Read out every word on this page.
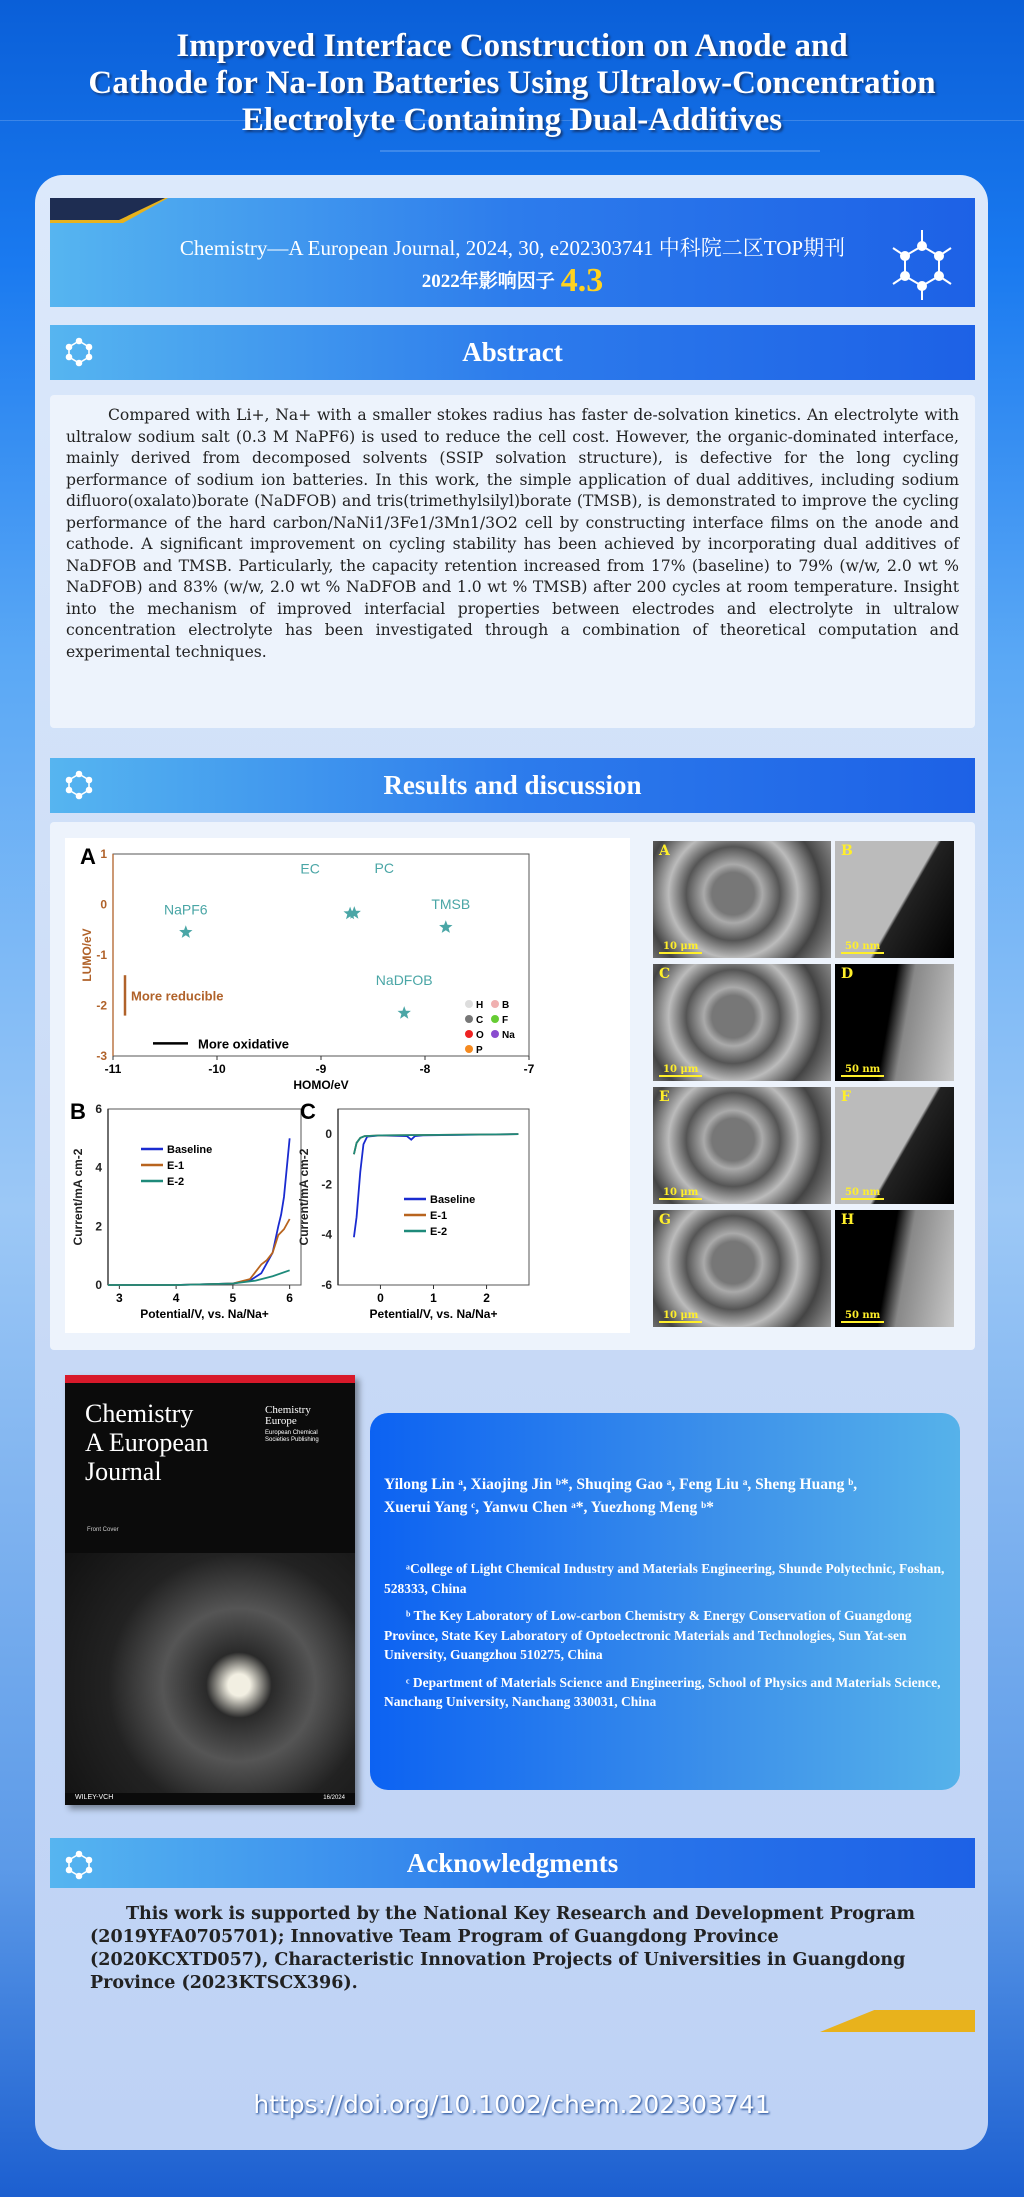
Improved Interface Construction on Anode and
Cathode for Na-Ion Batteries Using Ultralow-Concentration
Electrolyte Containing Dual-Additives
Chemistry—A European Journal, 2024, 30, e202303741 中科院二区TOP期刊
2022年影响因子 4.3
Abstract
Compared with Li+, Na+ with a smaller stokes radius has faster de-solvation kinetics. An electrolyte with ultralow sodium salt (0.3 M NaPF6) is used to reduce the cell cost. However, the organic-dominated interface, mainly derived from decomposed solvents (SSIP solvation structure), is defective for the long cycling performance of sodium ion batteries. In this work, the simple application of dual additives, including sodium difluoro(oxalato)borate (NaDFOB) and tris(trimethylsilyl)borate (TMSB), is demonstrated to improve the cycling performance of the hard carbon/NaNi1/3Fe1/3Mn1/3O2 cell by constructing interface films on the anode and cathode. A significant improvement on cycling stability has been achieved by incorporating dual additives of NaDFOB and TMSB. Particularly, the capacity retention increased from 17% (baseline) to 79% (w/w, 2.0 wt % NaDFOB) and 83% (w/w, 2.0 wt % NaDFOB and 1.0 wt % TMSB) after 200 cycles at room temperature. Insight into the mechanism of improved interfacial properties between electrodes and electrolyte in ultralow concentration electrolyte has been investigated through a combination of theoretical computation and experimental techniques.
Results and discussion
-11	-10	-9	-8	-7
-3
-2
-1
0
1
HOMO/eV
LUMO/eV
A
NaPF6
EC	PC
TMSB
NaDFOB
More reducible
More oxidative
H B
C F
O Na
P
3	4	5	6
0
2
4
6
Potential/V, vs. Na/Na+
Current/mA cm-2
B
Baseline
E-1
E-2
0	1	2
-6
-4
-2
0
Petential/V, vs. Na/Na+
Current/mA cm-2
C
Baseline
E-1
E-2
A
10 μm
B
50 nm
C
10 μm
D
50 nm
E
10 μm
F
50 nm
G
10 μm
H
50 nm
Chemistry
A European
Journal
Chemistry
Europe
European Chemical Societies Publishing
Front Cover
WILEY-VCH	16/2024
Yilong Lin ᵃ, Xiaojing Jin ᵇ*, Shuqing Gao ᵃ, Feng Liu ᵃ, Sheng Huang ᵇ,
Xuerui Yang ᶜ, Yanwu Chen ᵃ*, Yuezhong Meng ᵇ*

ᵃCollege of Light Chemical Industry and Materials Engineering, Shunde Polytechnic, Foshan, 528333, China

ᵇ The Key Laboratory of Low-carbon Chemistry & Energy Conservation of Guangdong Province, State Key Laboratory of Optoelectronic Materials and Technologies, Sun Yat-sen University, Guangzhou 510275, China

ᶜ Department of Materials Science and Engineering, School of Physics and Materials Science, Nanchang University, Nanchang 330031, China

Acknowledgments
This work is supported by the National Key Research and Development Program (2019YFA0705701); Innovative Team Program of Guangdong Province (2020KCXTD057), Characteristic Innovation Projects of Universities in Guangdong Province (2023KTSCX396).
https://doi.org/10.1002/chem.202303741
